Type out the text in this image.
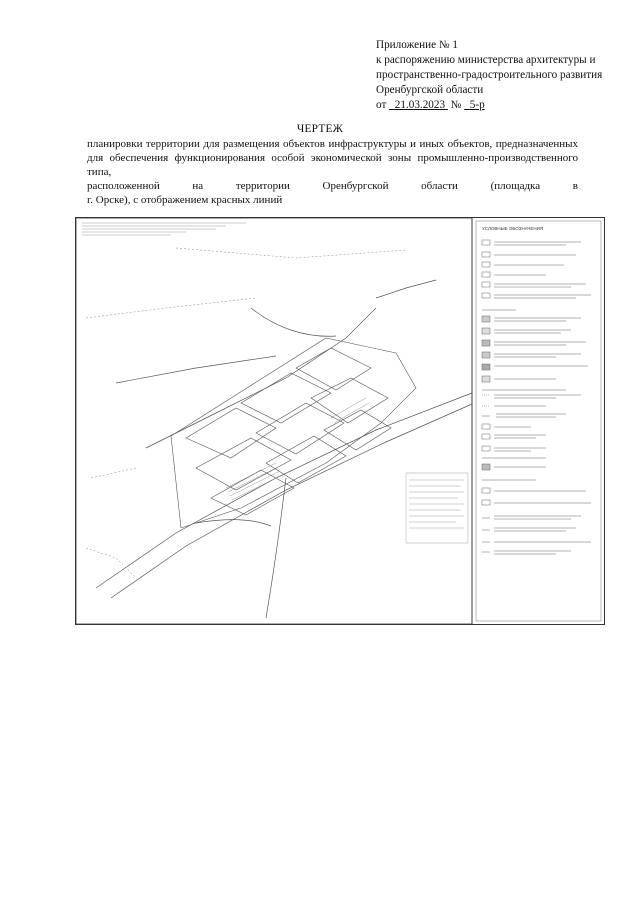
Приложение № 1
к распоряжению министерства архитектуры и
пространственно-градостроительного развития
Оренбургской области
от 21.03.2023 № 5-р
ЧЕРТЕЖ
планировки территории для размещения объектов инфраструктуры и иных объектов, предназначенных
для обеспечения функционирования особой экономической зоны промышленно-производственного типа,
расположенной на территории Оренбургской области (площадка в
г. Орске), с отображением красных линий
УСЛОВНЫЕ ОБОЗНАЧЕНИЯ
